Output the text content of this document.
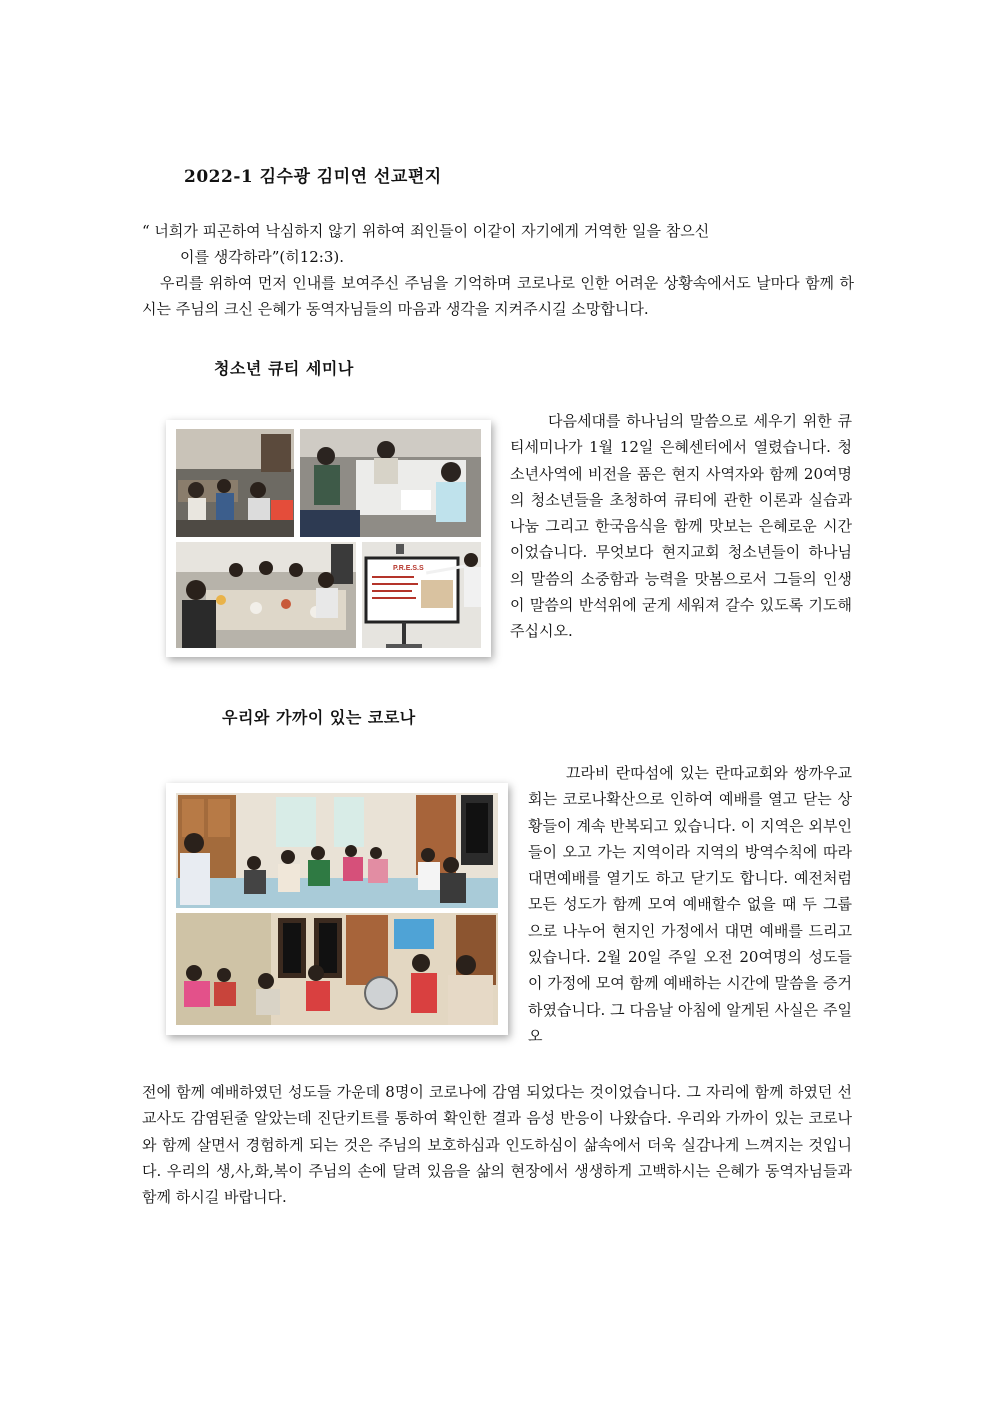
2022-1 김수광 김미연 선교편지
“ 너희가 피곤하여 낙심하지 않기 위하여 죄인들이 이같이 자기에게 거역한 일을 참으신
이를 생각하라”(히12:3).
우리를 위하여 먼저 인내를 보여주신 주님을 기억하며 코로나로 인한 어려운 상황속에서도 날마다 함께 하시는 주님의 크신 은혜가 동역자님들의 마음과 생각을 지켜주시길 소망합니다.
청소년 큐티 세미나
P.R.E.S.S
다음세대를 하나님의 말씀으로 세우기 위한 큐티세미나가 1월 12일 은혜센터에서 열렸습니다. 청소년사역에 비전을 품은 현지 사역자와 함께 20여명의 청소년들을 초청하여 큐티에 관한 이론과 실습과 나눔 그리고 한국음식을 함께 맛보는 은혜로운 시간 이었습니다. 무엇보다 현지교회 청소년들이 하나님의 말씀의 소중함과 능력을 맛봄으로서 그들의 인생이 말씀의 반석위에 굳게 세워져 갈수 있도록 기도해 주십시오.
우리와 가까이 있는 코로나
끄라비 란따섬에 있는 란따교회와 쌍까우교회는 코로나확산으로 인하여 예배를 열고 닫는 상황들이 계속 반복되고 있습니다. 이 지역은 외부인들이 오고 가는 지역이라 지역의 방역수칙에 따라 대면예배를 열기도 하고 닫기도 합니다. 예전처럼 모든 성도가 함께 모여 예배할수 없을 때 두 그룹으로 나누어 현지인 가정에서 대면 예배를 드리고 있습니다. 2월 20일 주일 오전 20여명의 성도들이 가정에 모여 함께 예배하는 시간에 말씀을 증거 하였습니다. 그 다음날 아침에 알게된 사실은 주일 오
전에 함께 예배하였던 성도들 가운데 8명이 코로나에 감염 되었다는 것이었습니다. 그 자리에 함께 하였던 선교사도 감염된줄 알았는데 진단키트를 통하여 확인한 결과 음성 반응이 나왔습다. 우리와 가까이 있는 코로나와 함께 살면서 경험하게 되는 것은 주님의 보호하심과 인도하심이 삶속에서 더욱 실감나게 느껴지는 것입니다. 우리의 생,사,화,복이 주님의 손에 달려 있음을 삶의 현장에서 생생하게 고백하시는 은혜가 동역자님들과 함께 하시길 바랍니다.
